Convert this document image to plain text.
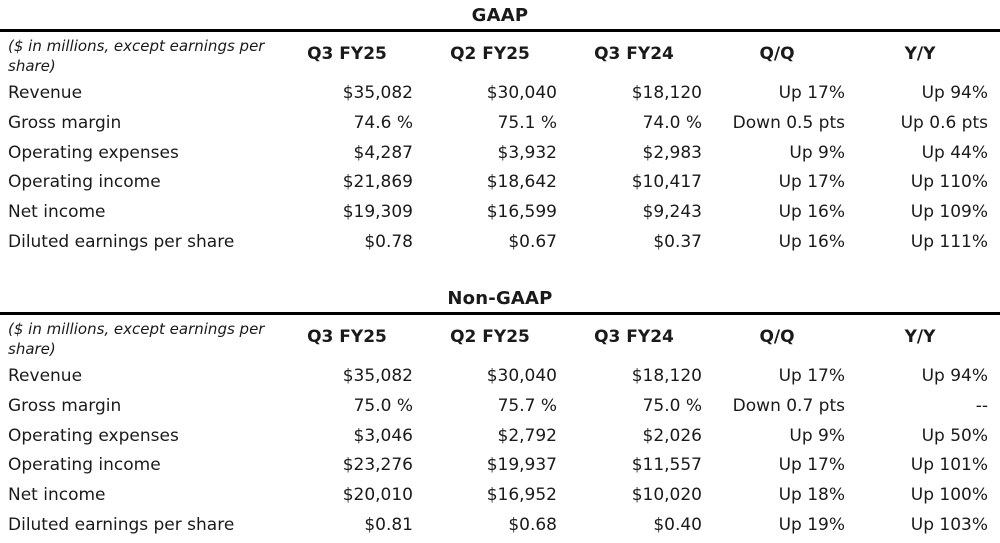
GAAP
($ in millions, except earnings per share)
Q3 FY25	Q2 FY25	Q3 FY24	Q/Q	Y/Y
Revenue	$35,082	$30,040	$18,120	Up 17%	Up 94%
Gross margin	74.6 %	75.1 %	74.0 %	Down 0.5 pts	Up 0.6 pts
Operating expenses	$4,287	$3,932	$2,983	Up 9%	Up 44%
Operating income	$21,869	$18,642	$10,417	Up 17%	Up 110%
Net income	$19,309	$16,599	$9,243	Up 16%	Up 109%
Diluted earnings per share	$0.78	$0.67	$0.37	Up 16%	Up 111%
Non-GAAP
($ in millions, except earnings per share)
Q3 FY25	Q2 FY25	Q3 FY24	Q/Q	Y/Y
Revenue	$35,082	$30,040	$18,120	Up 17%	Up 94%
Gross margin	75.0 %	75.7 %	75.0 %	Down 0.7 pts	--
Operating expenses	$3,046	$2,792	$2,026	Up 9%	Up 50%
Operating income	$23,276	$19,937	$11,557	Up 17%	Up 101%
Net income	$20,010	$16,952	$10,020	Up 18%	Up 100%
Diluted earnings per share	$0.81	$0.68	$0.40	Up 19%	Up 103%
